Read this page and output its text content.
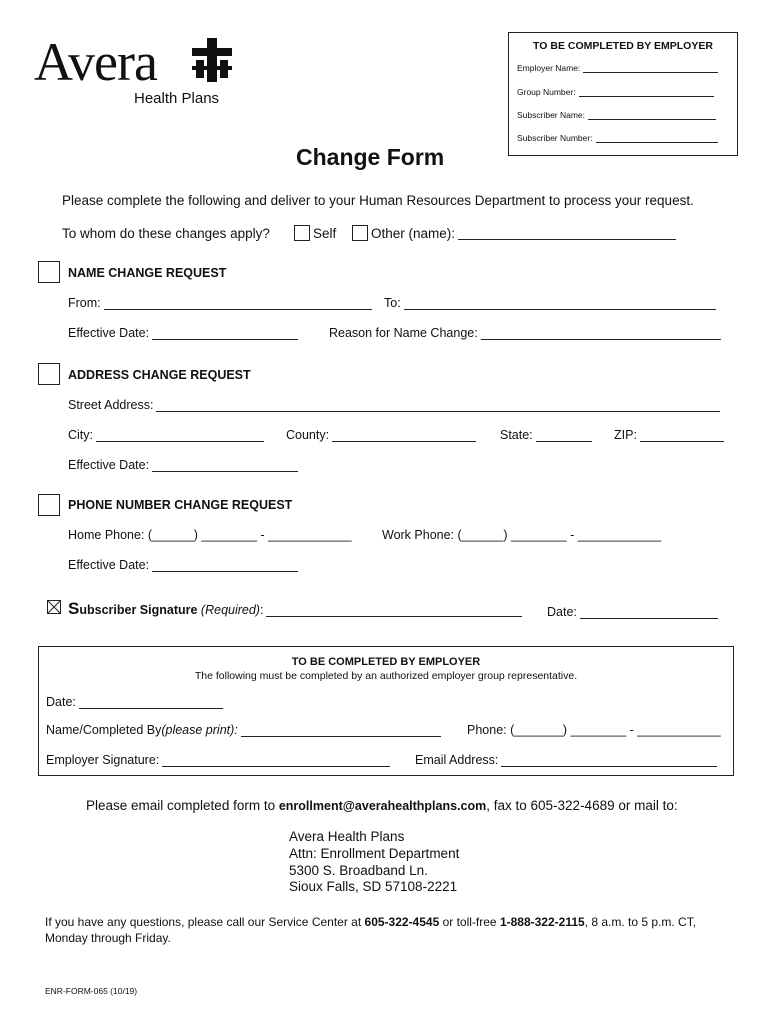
Avera
Health Plans
TO BE COMPLETED BY EMPLOYER
Employer Name:
Group Number:
Subscriber Name:
Subscriber Number:
Change Form
Please complete the following and deliver to your Human Resources Department to process your request.
To whom do these changes apply?	Self	Other (name):
NAME CHANGE REQUEST
From:	To:
Effective Date:	Reason for Name Change:
ADDRESS CHANGE REQUEST
Street Address:
City:	County:	State:	ZIP:
Effective Date:
PHONE NUMBER CHANGE REQUEST
Home Phone: (______) ________ - ____________ Work Phone: (______) ________ - ____________
Effective Date:
S ubscriber Signature
(Required) :	Date:
TO BE COMPLETED BY EMPLOYER
The following must be completed by an authorized employer group representative.
Date:
Name/Completed By (please print):	Phone: (_______) ________ - ____________
Employer Signature:	Email Address:
Please email completed form to enrollment@averahealthplans.com, fax to 605-322-4689 or mail to:
Avera Health Plans
Attn: Enrollment Department
5300 S. Broadband Ln.
Sioux Falls, SD 57108-2221
If you have any questions, please call our Service Center at 605-322-4545 or toll-free 1-888-322-2115, 8 a.m. to 5 p.m. CT,
Monday through Friday.
ENR-FORM-065 (10/19)
